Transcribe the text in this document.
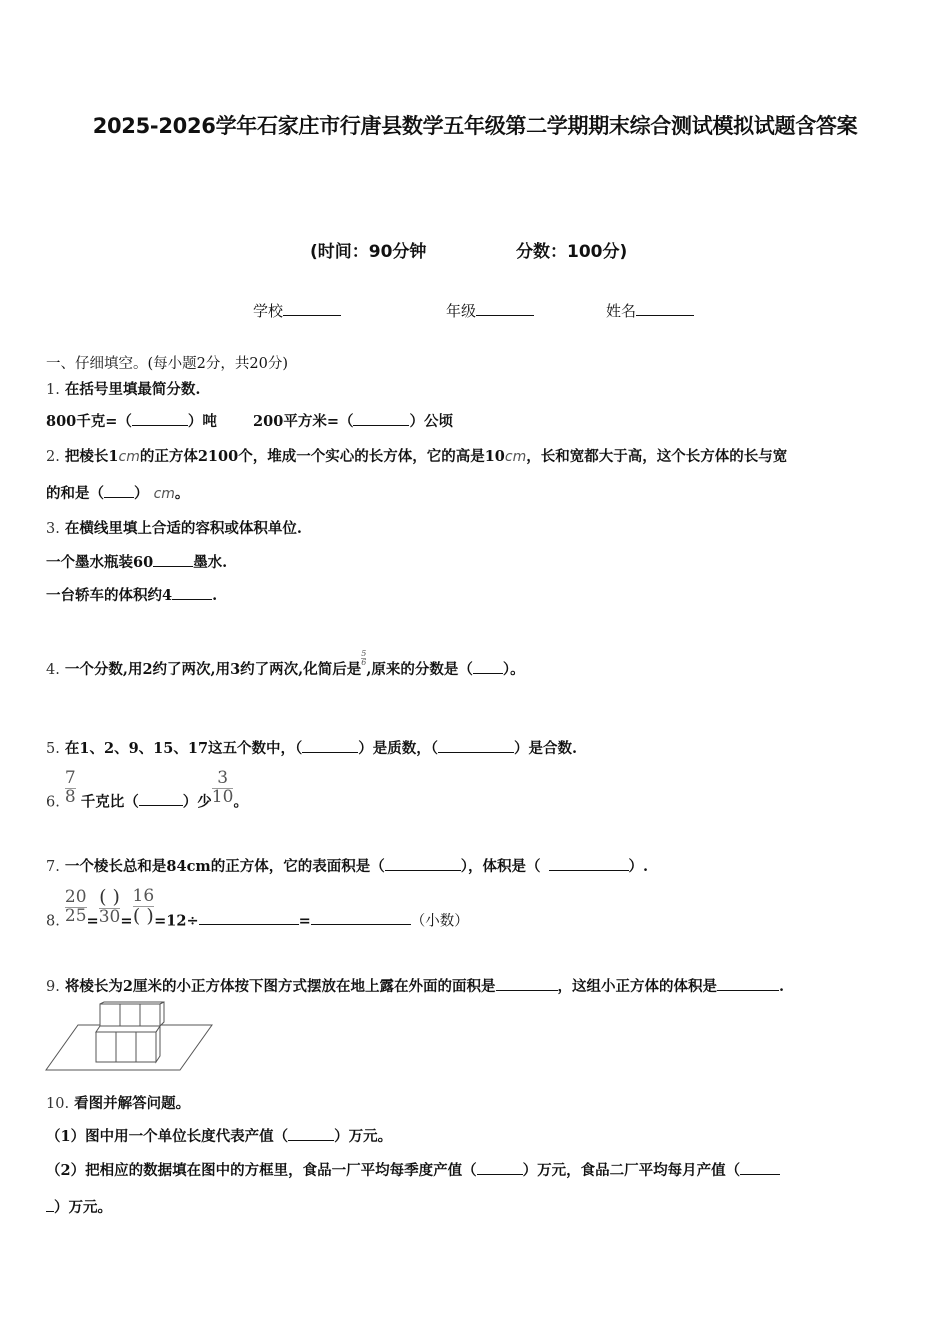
2025-2026学年石家庄市行唐县数学五年级第二学期期末综合测试模拟试题含答案
(时间：90分钟	分数：100分)
学校	年级	姓名
一、仔细填空。(每小题2分，共20分)
1. 在括号里填最简分数.
800千克=（	）吨 200平方米=（	）公顷
2. 把棱长1cm的正方体2100个，堆成一个实心的长方体，它的高是10cm，长和宽都大于高，这个长方体的长与宽
的和是（ ） cm。
3. 在横线里填上合适的容积或体积单位.
一个墨水瓶装60	墨水.
一台轿车的体积约4	.
4. 一个分数,用2约了两次,用3约了两次,化简后是
$\frac{5}{6}$
,原来的分数是（ ）。
5. 在1、2、9、15、17这五个数中，（	）是质数，（	）是合数.
6. $\frac{7}{8}$ 千克比（	）少 $\frac{3}{10}$ 。
7. 一个棱长总和是84cm的正方体，它的表面积是（	），体积是（	）.
8. $\frac{20}{25} = \frac{( )}{30} = \frac{16}{( )} =12\div$	=	（小数）
9. 将棱长为2厘米的小正方体按下图方式摆放在地上露在外面的面积是	，这组小正方体的体积是	.
10. 看图并解答问题。
（1）图中用一个单位长度代表产值（	）万元。
（2）把相应的数据填在图中的方框里，食品一厂平均每季度产值（	）万元，食品二厂平均每月产值（
）万元。
